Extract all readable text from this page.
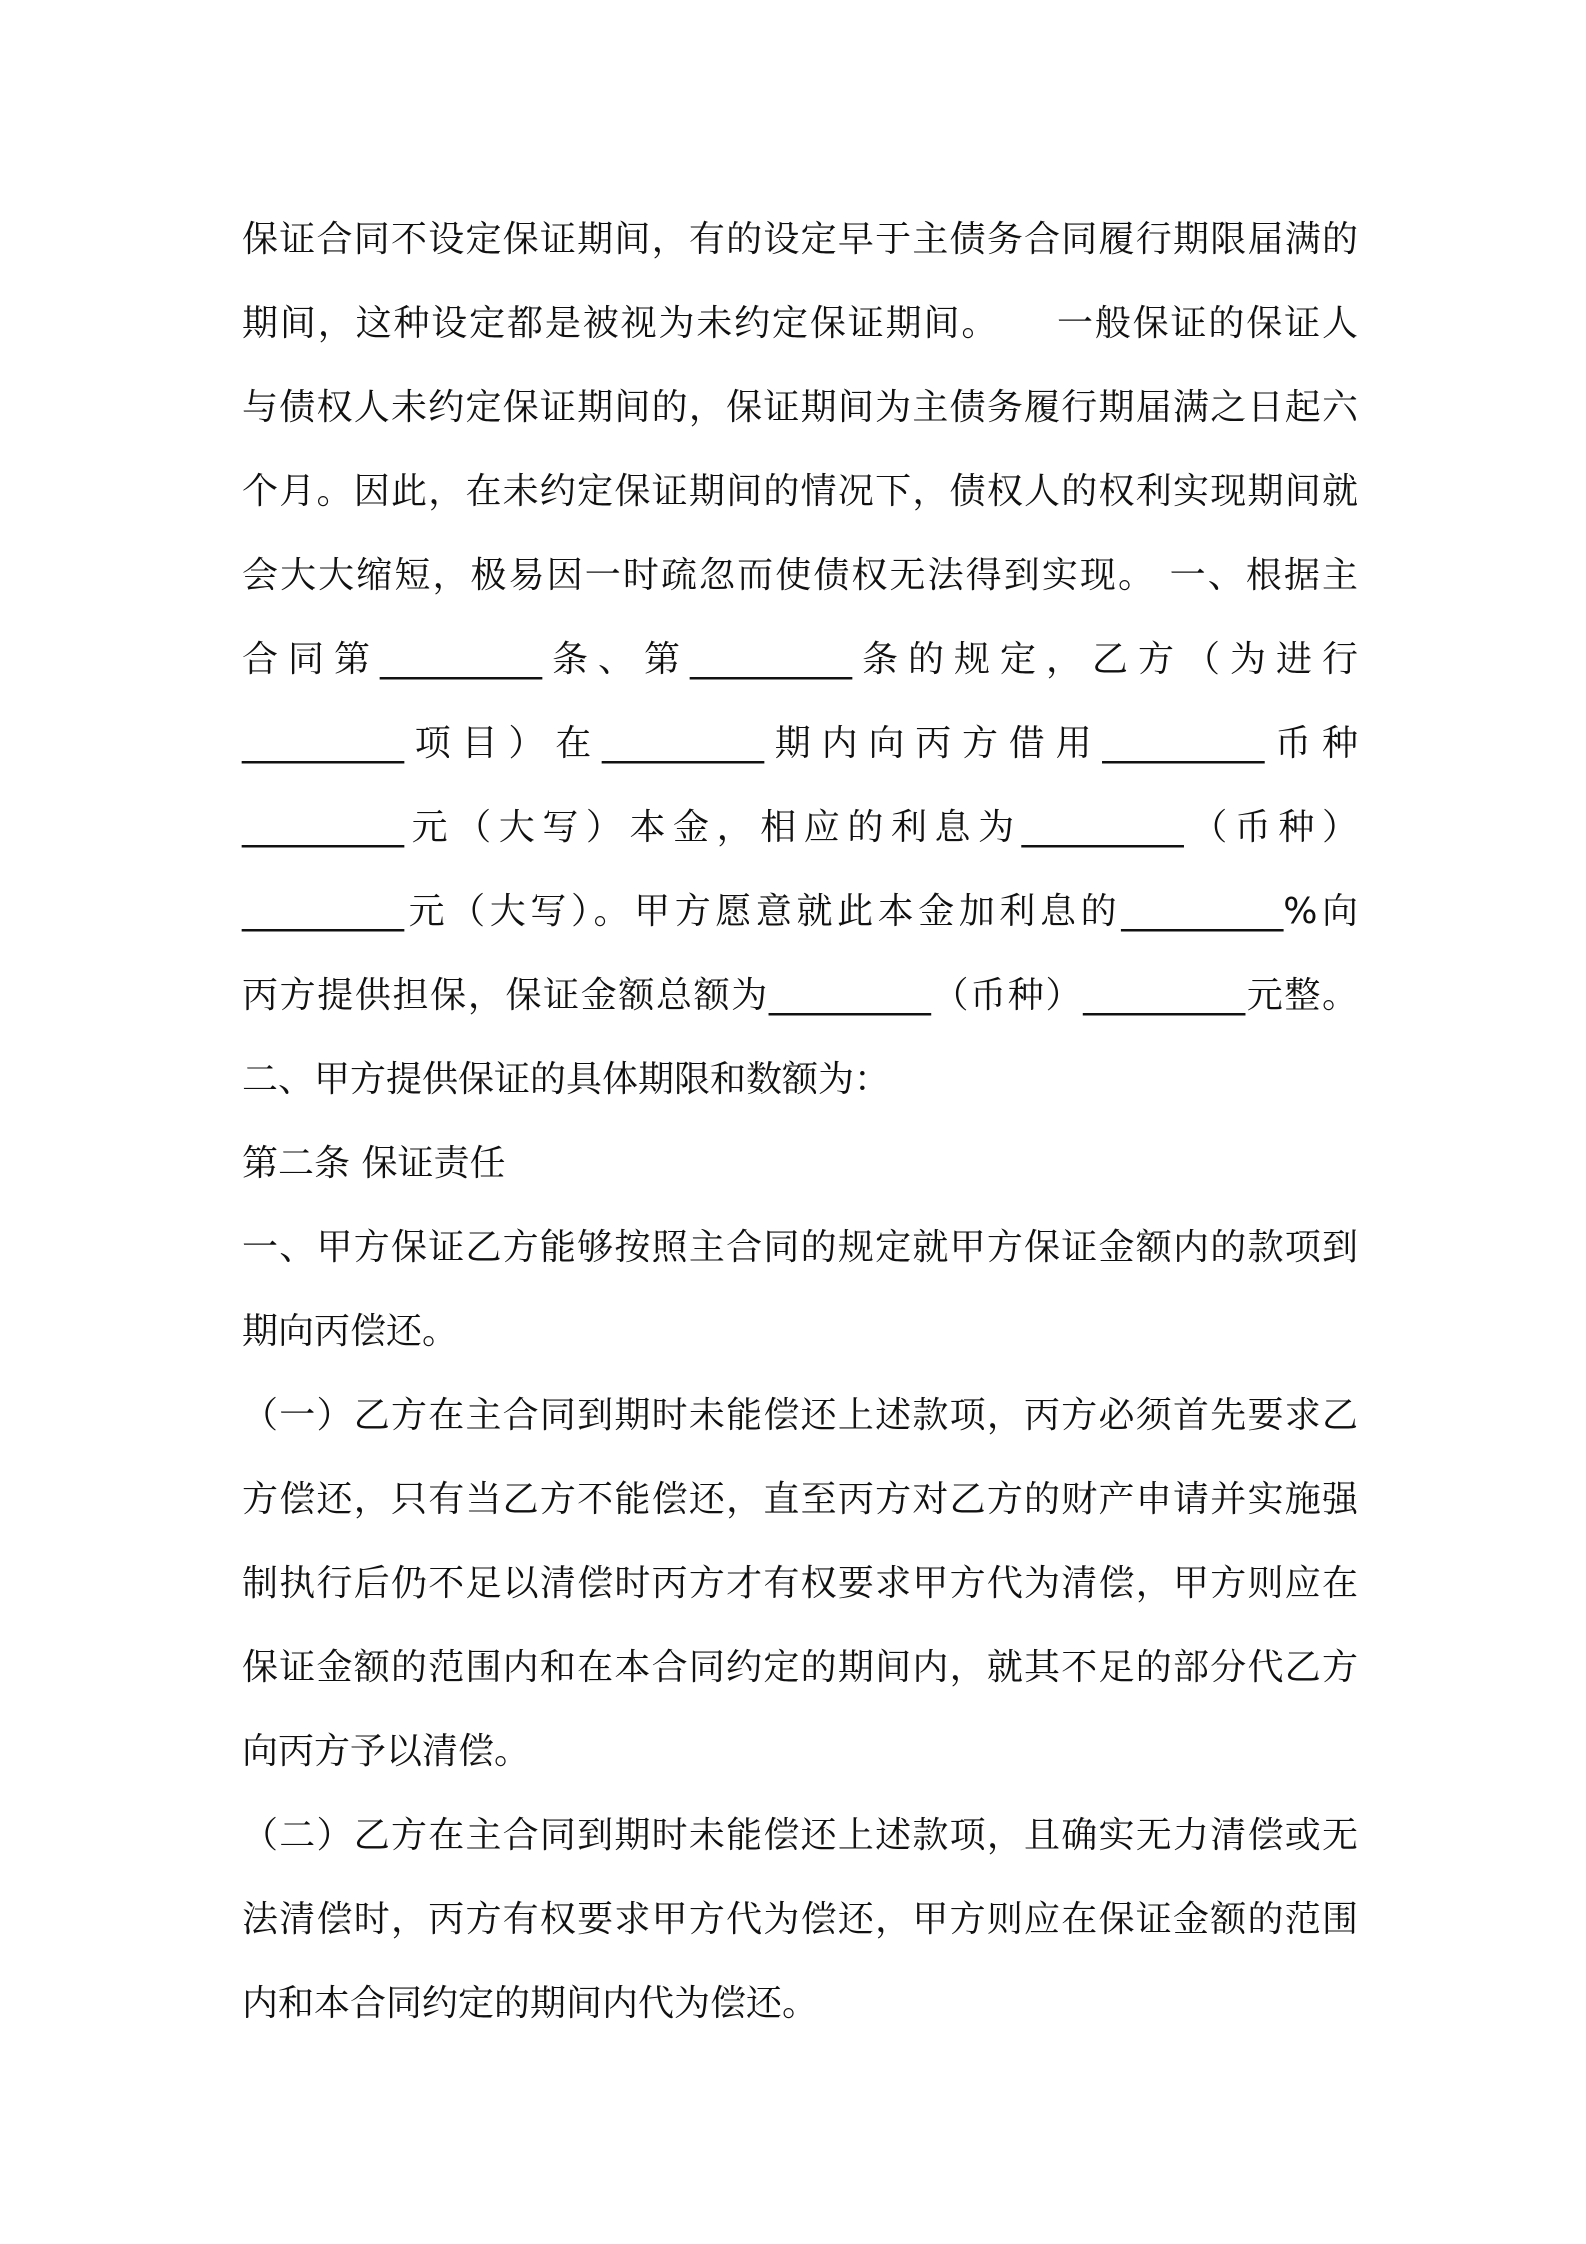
保证合同不设定保证期间，有的设定早于主债务合同履行期限届满的
期间，这种设定都是被视为未约定保证期间。　　一般保证的保证人
与债权人未约定保证期间的，保证期间为主债务履行期届满之日起六
个月。因此，在未约定保证期间的情况下，债权人的权利实现期间就
会大大缩短，极易因一时疏忽而使债权无法得到实现。 一、根据主
合同第_________条、第_________条的规定，乙方（为进行
_________项目）在_________期内向丙方借用_________币种
_________元（大写）本金，相应的利息为_________（币种）
_________元（大写）。甲方愿意就此本金加利息的_________%向
丙方提供担保，保证金额总额为_________（币种）_________元整。
二、甲方提供保证的具体期限和数额为：
第二条 保证责任
一、甲方保证乙方能够按照主合同的规定就甲方保证金额内的款项到
期向丙偿还。
（一）乙方在主合同到期时未能偿还上述款项，丙方必须首先要求乙
方偿还，只有当乙方不能偿还，直至丙方对乙方的财产申请并实施强
制执行后仍不足以清偿时丙方才有权要求甲方代为清偿，甲方则应在
保证金额的范围内和在本合同约定的期间内，就其不足的部分代乙方
向丙方予以清偿。
（二）乙方在主合同到期时未能偿还上述款项，且确实无力清偿或无
法清偿时，丙方有权要求甲方代为偿还，甲方则应在保证金额的范围
内和本合同约定的期间内代为偿还。
